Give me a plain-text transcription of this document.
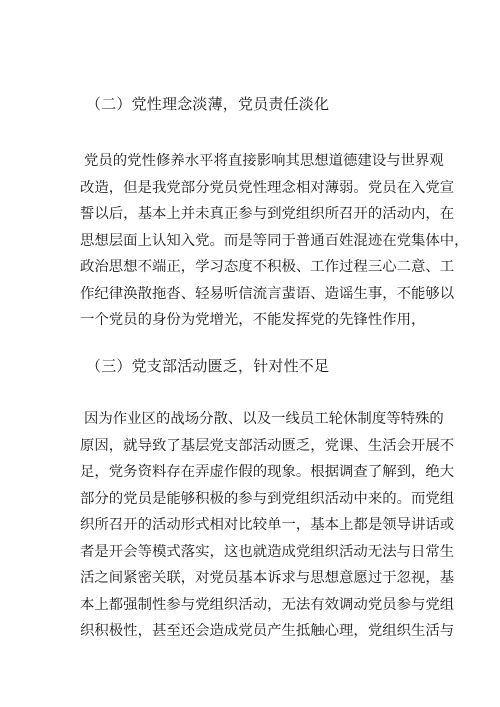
（二）党性理念淡薄，党员责任淡化
党员的党性修养水平将直接影响其思想道德建设与世界观
改造，但是我党部分党员党性理念相对薄弱。党员在入党宣
誓以后，基本上并未真正参与到党组织所召开的活动内，在
思想层面上认知入党。而是等同于普通百姓混迹在党集体中，
政治思想不端正，学习态度不积极、工作过程三心二意、工
作纪律涣散拖沓、轻易听信流言蜚语、造谣生事，不能够以
一个党员的身份为党增光，不能发挥党的先锋性作用，
（三）党支部活动匮乏，针对性不足
因为作业区的战场分散、以及一线员工轮休制度等特殊的
原因，就导致了基层党支部活动匮乏，党课、生活会开展不
足，党务资料存在弄虚作假的现象。根据调查了解到，绝大
部分的党员是能够积极的参与到党组织活动中来的。而党组
织所召开的活动形式相对比较单一，基本上都是领导讲话或
者是开会等模式落实，这也就造成党组织活动无法与日常生
活之间紧密关联，对党员基本诉求与思想意愿过于忽视，基
本上都强制性参与党组织活动，无法有效调动党员参与党组
织积极性，甚至还会造成党员产生抵触心理，党组织生活与
